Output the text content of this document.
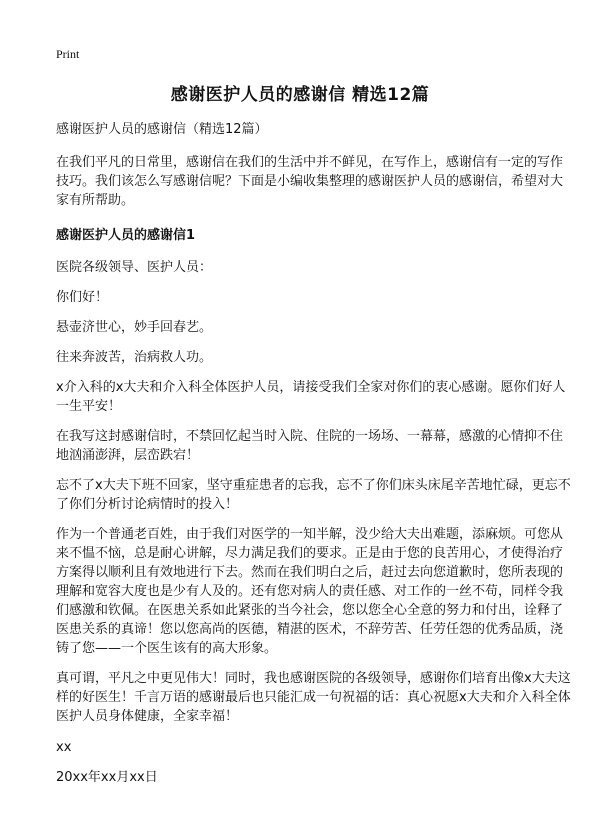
Print
感谢医护人员的感谢信 精选12篇

感谢医护人员的感谢信（精选12篇）

在我们平凡的日常里，感谢信在我们的生活中并不鲜见，在写作上，感谢信有一定的写作技巧。我们该怎么写感谢信呢？下面是小编收集整理的感谢医护人员的感谢信，希望对大家有所帮助。

感谢医护人员的感谢信1

医院各级领导、医护人员：

你们好！

悬壶济世心，妙手回春艺。

往来奔波苦，治病救人功。

x介入科的x大夫和介入科全体医护人员，请接受我们全家对你们的衷心感谢。愿你们好人一生平安！

在我写这封感谢信时，不禁回忆起当时入院、住院的一场场、一幕幕，感激的心情抑不住地汹涌澎湃，层峦跌宕！

忘不了x大夫下班不回家，坚守重症患者的忘我，忘不了你们床头床尾辛苦地忙碌，更忘不了你们分析讨论病情时的投入！

作为一个普通老百姓，由于我们对医学的一知半解，没少给大夫出难题，添麻烦。可您从来不愠不恼，总是耐心讲解，尽力满足我们的要求。正是由于您的良苦用心，才使得治疗方案得以顺利且有效地进行下去。然而在我们明白之后，赶过去向您道歉时，您所表现的理解和宽容大度也是少有人及的。还有您对病人的责任感、对工作的一丝不苟，同样令我们感激和钦佩。在医患关系如此紧张的当今社会，您以您全心全意的努力和付出，诠释了医患关系的真谛！您以您高尚的医德，精湛的医术，不辞劳苦、任劳任怨的优秀品质，浇铸了您——一个医生该有的高大形象。

真可谓，平凡之中更见伟大！同时，我也感谢医院的各级领导，感谢你们培育出像x大夫这样的好医生！千言万语的感谢最后也只能汇成一句祝福的话：真心祝愿x大夫和介入科全体医护人员身体健康，全家幸福！

xx

20xx年xx月xx日
